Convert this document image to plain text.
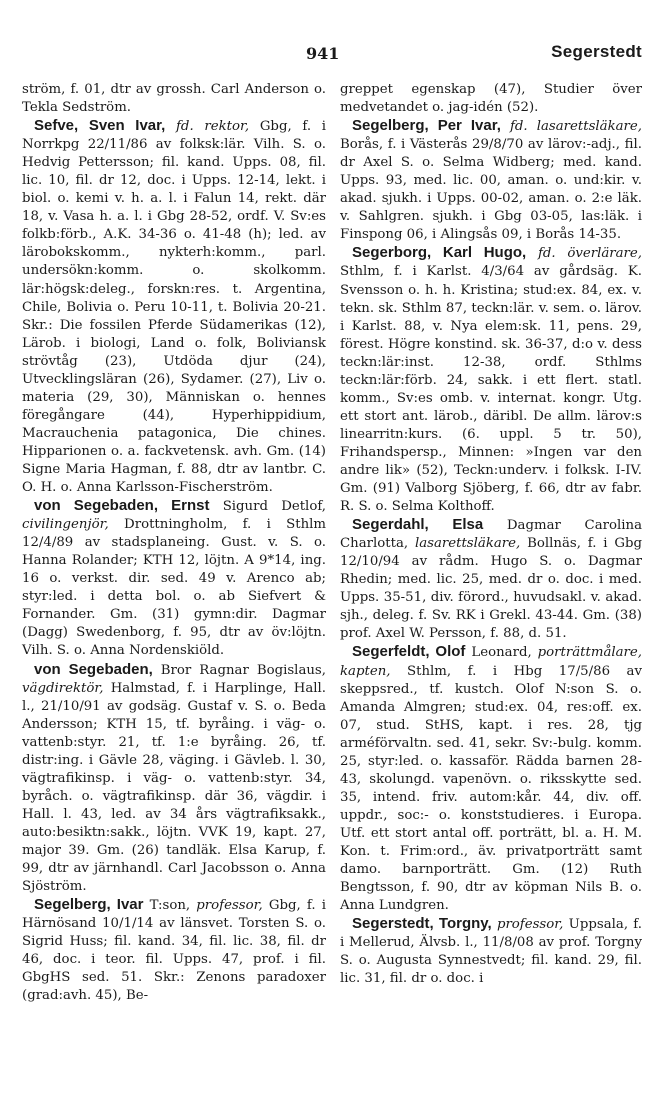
941	Segerstedt

ström, f. 01, dtr av grossh. Carl Anderson o. Tekla Sedström.

Sefve, Sven Ivar, fd. rektor, Gbg, f. i Norrkpg 22/11/86 av folksk:lär. Vilh. S. o. Hedvig Pettersson; fil. kand. Upps. 08, fil. lic. 10, fil. dr 12, doc. i Upps. 12-14, lekt. i biol. o. kemi v. h. a. l. i Falun 14, rekt. där 18, v. Vasa h. a. l. i Gbg 28-52, ordf. V. Sv:es folkb:förb., A.K. 34-36 o. 41-48 (h); led. av lärobokskomm., nykterh:komm., parl. undersökn:komm. o. skolkomm. lär:högsk:deleg., forskn:res. t. Argentina, Chile, Bolivia o. Peru 10-11, t. Bolivia 20-21. Skr.: Die fossilen Pferde Südamerikas (12), Lärob. i biologi, Land o. folk, Boliviansk strövtåg (23), Utdöda djur (24), Utvecklingsläran (26), Sydamer. (27), Liv o. materia (29, 30), Människan o. hennes föregångare (44), Hyperhippidium, Macrauchenia patagonica, Die chines. Hipparionen o. a. fackvetensk. avh. Gm. (14) Signe Maria Hagman, f. 88, dtr av lantbr. C. O. H. o. Anna Karlsson-Fischerström.

von Segebaden, Ernst Sigurd Detlof, civilingenjör, Drottningholm, f. i Sthlm 12/4/89 av stadsplaneing. Gust. v. S. o. Hanna Rolander; KTH 12, löjtn. A 9*14, ing. 16 o. verkst. dir. sed. 49 v. Arenco ab; styr:led. i detta bol. o. ab Siefvert & Fornander. Gm. (31) gymn:dir. Dagmar (Dagg) Swedenborg, f. 95, dtr av öv:löjtn. Vilh. S. o. Anna Nordenskiöld.

von Segebaden, Bror Ragnar Bogislaus, vägdirektör, Halmstad, f. i Harplinge, Hall. l., 21/10/91 av godsäg. Gustaf v. S. o. Beda Andersson; KTH 15, tf. byråing. i väg- o. vattenb:styr. 21, tf. 1:e byråing. 26, tf. distr:ing. i Gävle 28, väging. i Gävleb. l. 30, vägtrafikinsp. i väg- o. vattenb:styr. 34, byråch. o. vägtrafikinsp. där 36, vägdir. i Hall. l. 43, led. av 34 års vägtrafiksakk., auto:besiktn:sakk., löjtn. VVK 19, kapt. 27, major 39. Gm. (26) tandläk. Elsa Karup, f. 99, dtr av järnhandl. Carl Jacobsson o. Anna Sjöström.

Segelberg, Ivar T:son, professor, Gbg, f. i Härnösand 10/1/14 av länsvet. Torsten S. o. Sigrid Huss; fil. kand. 34, fil. lic. 38, fil. dr 46, doc. i teor. fil. Upps. 47, prof. i fil. GbgHS sed. 51. Skr.: Zenons paradoxer (grad:avh. 45), Be-

greppet egenskap (47), Studier över medvetandet o. jag-idén (52).

Segelberg, Per Ivar, fd. lasarettsläkare, Borås, f. i Västerås 29/8/70 av lärov:-adj., fil. dr Axel S. o. Selma Widberg; med. kand. Upps. 93, med. lic. 00, aman. o. und:kir. v. akad. sjukh. i Upps. 00-02, aman. o. 2:e läk. v. Sahlgren. sjukh. i Gbg 03-05, las:läk. i Finspong 06, i Alingsås 09, i Borås 14-35.

Segerborg, Karl Hugo, fd. överlärare, Sthlm, f. i Karlst. 4/3/64 av gårdsäg. K. Svensson o. h. h. Kristina; stud:ex. 84, ex. v. tekn. sk. Sthlm 87, teckn:lär. v. sem. o. lärov. i Karlst. 88, v. Nya elem:sk. 11, pens. 29, förest. Högre konstind. sk. 36-37, d:o v. dess teckn:lär:inst. 12-38, ordf. Sthlms teckn:lär:förb. 24, sakk. i ett flert. statl. komm., Sv:es omb. v. internat. kongr. Utg. ett stort ant. lärob., däribl. De allm. lärov:s linearritn:kurs. (6. uppl. 5 tr. 50), Frihandspersp., Minnen: »Ingen var den andre lik» (52), Teckn:underv. i folksk. I-IV. Gm. (91) Valborg Sjöberg, f. 66, dtr av fabr. R. S. o. Selma Kolthoff.

Segerdahl, Elsa Dagmar Carolina Charlotta, lasarettsläkare, Bollnäs, f. i Gbg 12/10/94 av rådm. Hugo S. o. Dagmar Rhedin; med. lic. 25, med. dr o. doc. i med. Upps. 35-51, div. förord., huvudsakl. v. akad. sjh., deleg. f. Sv. RK i Grekl. 43-44. Gm. (38) prof. Axel W. Persson, f. 88, d. 51.

Segerfeldt, Olof Leonard, porträttmålare, kapten, Sthlm, f. i Hbg 17/5/86 av skeppsred., tf. kustch. Olof N:son S. o. Amanda Almgren; stud:ex. 04, res:off. ex. 07, stud. StHS, kapt. i res. 28, tjg arméförvaltn. sed. 41, sekr. Sv:-bulg. komm. 25, styr:led. o. kassaför. Rädda barnen 28-43, skolungd. vapenövn. o. riksskytte sed. 35, intend. friv. autom:kår. 44, div. off. uppdr., soc:- o. konststudieres. i Europa. Utf. ett stort antal off. porträtt, bl. a. H. M. Kon. t. Frim:ord., äv. privatporträtt samt damo. barnporträtt. Gm. (12) Ruth Bengtsson, f. 90, dtr av köpman Nils B. o. Anna Lundgren.

Segerstedt, Torgny, professor, Uppsala, f. i Mellerud, Älvsb. l., 11/8/08 av prof. Torgny S. o. Augusta Synnestvedt; fil. kand. 29, fil. lic. 31, fil. dr o. doc. i
